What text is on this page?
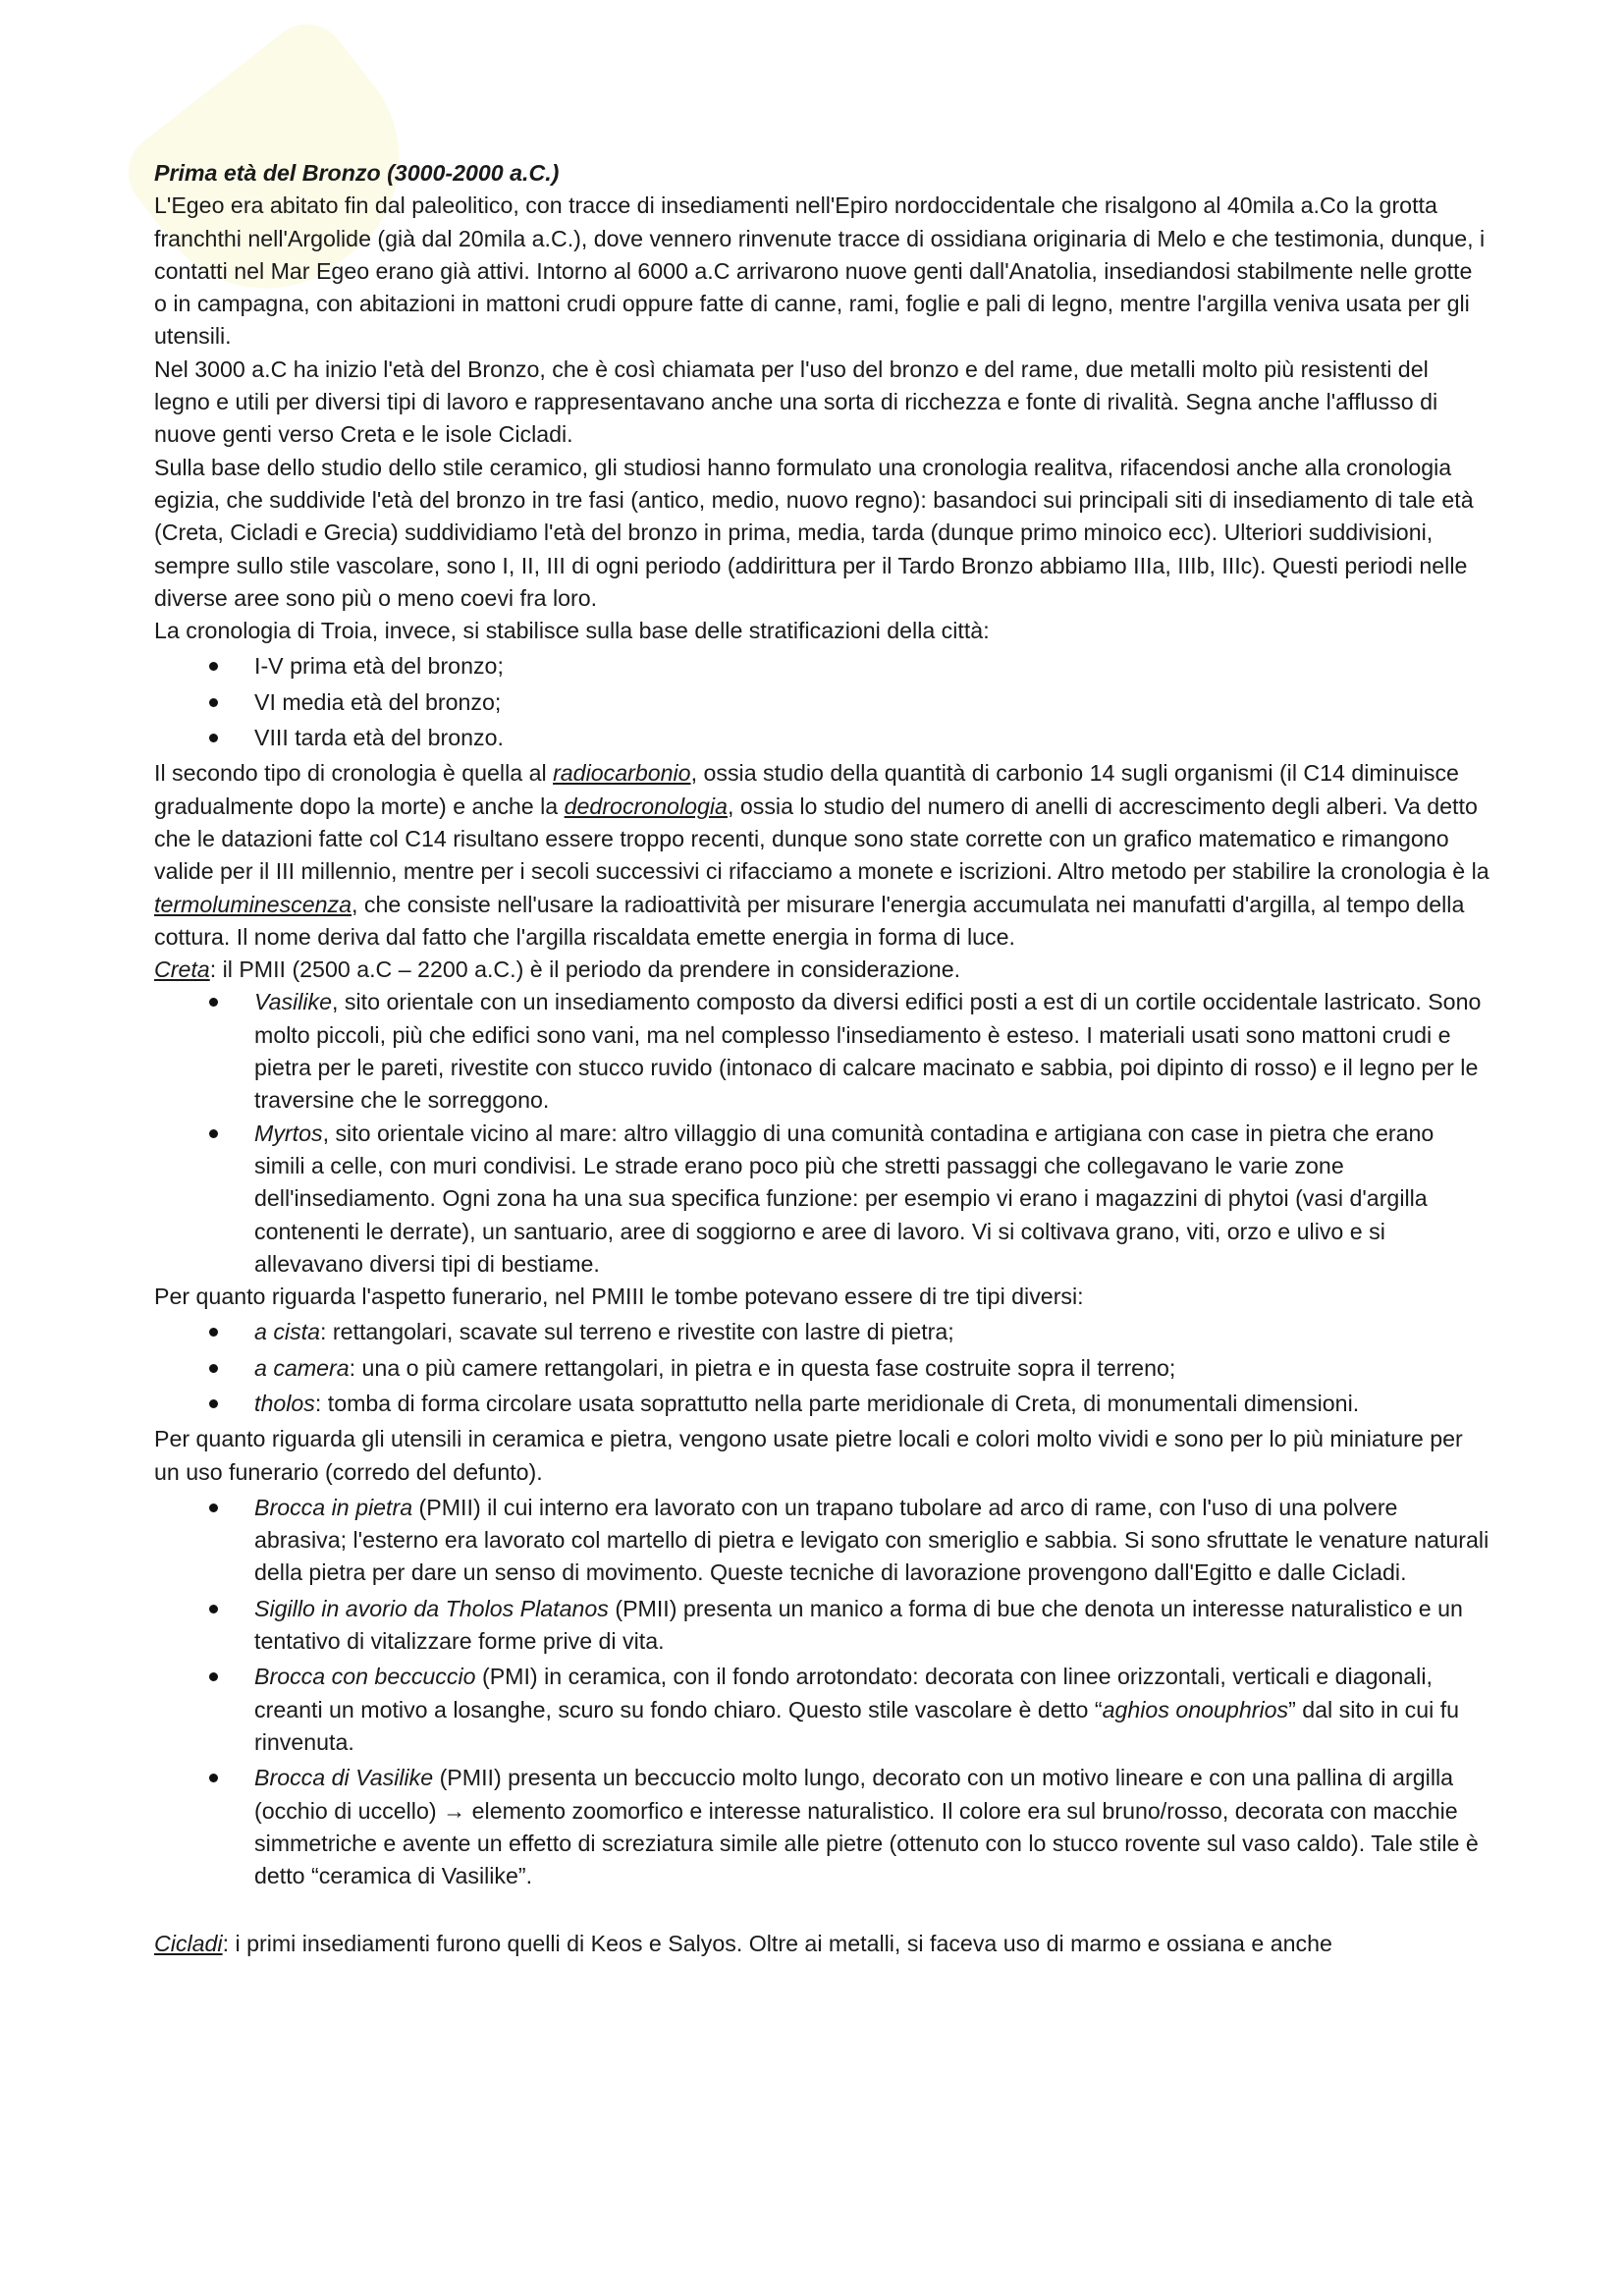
Prima età del Bronzo (3000-2000 a.C.)

L'Egeo era abitato fin dal paleolitico, con tracce di insediamenti nell'Epiro nordoccidentale che risalgono al 40mila a.Co la grotta franchthi nell'Argolide (già dal 20mila a.C.), dove vennero rinvenute tracce di ossidiana originaria di Melo e che testimonia, dunque, i contatti nel Mar Egeo erano già attivi. Intorno al 6000 a.C arrivarono nuove genti dall'Anatolia, insediandosi stabilmente nelle grotte o in campagna, con abitazioni in mattoni crudi oppure fatte di canne, rami, foglie e pali di legno, mentre l'argilla veniva usata per gli utensili.

Nel 3000 a.C ha inizio l'età del Bronzo, che è così chiamata per l'uso del bronzo e del rame, due metalli molto più resistenti del legno e utili per diversi tipi di lavoro e rappresentavano anche una sorta di ricchezza e fonte di rivalità. Segna anche l'afflusso di nuove genti verso Creta e le isole Cicladi.

Sulla base dello studio dello stile ceramico, gli studiosi hanno formulato una cronologia realitva, rifacendosi anche alla cronologia egizia, che suddivide l'età del bronzo in tre fasi (antico, medio, nuovo regno): basandoci sui principali siti di insediamento di tale età (Creta, Cicladi e Grecia) suddividiamo l'età del bronzo in prima, media, tarda (dunque primo minoico ecc). Ulteriori suddivisioni, sempre sullo stile vascolare, sono I, II, III di ogni periodo (addirittura per il Tardo Bronzo abbiamo IIIa, IIIb, IIIc). Questi periodi nelle diverse aree sono più o meno coevi fra loro.

La cronologia di Troia, invece, si stabilisce sulla base delle stratificazioni della città:

I-V prima età del bronzo;
VI media età del bronzo;
VIII tarda età del bronzo.

Il secondo tipo di cronologia è quella al radiocarbonio, ossia studio della quantità di carbonio 14 sugli organismi (il C14 diminuisce gradualmente dopo la morte) e anche la dedrocronologia, ossia lo studio del numero di anelli di accrescimento degli alberi. Va detto che le datazioni fatte col C14 risultano essere troppo recenti, dunque sono state corrette con un grafico matematico e rimangono valide per il III millennio, mentre per i secoli successivi ci rifacciamo a monete e iscrizioni. Altro metodo per stabilire la cronologia è la termoluminescenza, che consiste nell'usare la radioattività per misurare l'energia accumulata nei manufatti d'argilla, al tempo della cottura. Il nome deriva dal fatto che l'argilla riscaldata emette energia in forma di luce.

Creta: il PMII (2500 a.C – 2200 a.C.) è il periodo da prendere in considerazione.

Vasilike, sito orientale con un insediamento composto da diversi edifici posti a est di un cortile occidentale lastricato. Sono molto piccoli, più che edifici sono vani, ma nel complesso l'insediamento è esteso. I materiali usati sono mattoni crudi e pietra per le pareti, rivestite con stucco ruvido (intonaco di calcare macinato e sabbia, poi dipinto di rosso) e il legno per le traversine che le sorreggono.
Myrtos, sito orientale vicino al mare: altro villaggio di una comunità contadina e artigiana con case in pietra che erano simili a celle, con muri condivisi. Le strade erano poco più che stretti passaggi che collegavano le varie zone dell'insediamento. Ogni zona ha una sua specifica funzione: per esempio vi erano i magazzini di phytoi (vasi d'argilla contenenti le derrate), un santuario, aree di soggiorno e aree di lavoro. Vi si coltivava grano, viti, orzo e ulivo e si allevavano diversi tipi di bestiame.

Per quanto riguarda l'aspetto funerario, nel PMIII le tombe potevano essere di tre tipi diversi:

a cista: rettangolari, scavate sul terreno e rivestite con lastre di pietra;
a camera: una o più camere rettangolari, in pietra e in questa fase costruite sopra il terreno;
tholos: tomba di forma circolare usata soprattutto nella parte meridionale di Creta, di monumentali dimensioni.

Per quanto riguarda gli utensili in ceramica e pietra, vengono usate pietre locali e colori molto vividi e sono per lo più miniature per un uso funerario (corredo del defunto).

Brocca in pietra (PMII) il cui interno era lavorato con un trapano tubolare ad arco di rame, con l'uso di una polvere abrasiva; l'esterno era lavorato col martello di pietra e levigato con smeriglio e sabbia. Si sono sfruttate le venature naturali della pietra per dare un senso di movimento. Queste tecniche di lavorazione provengono dall'Egitto e dalle Cicladi.
Sigillo in avorio da Tholos Platanos (PMII) presenta un manico a forma di bue che denota un interesse naturalistico e un tentativo di vitalizzare forme prive di vita.
Brocca con beccuccio (PMI) in ceramica, con il fondo arrotondato: decorata con linee orizzontali, verticali e diagonali, creanti un motivo a losanghe, scuro su fondo chiaro. Questo stile vascolare è detto “aghios onouphrios” dal sito in cui fu rinvenuta.
Brocca di Vasilike (PMII) presenta un beccuccio molto lungo, decorato con un motivo lineare e con una pallina di argilla (occhio di uccello) → elemento zoomorfico e interesse naturalistico. Il colore era sul bruno/rosso, decorata con macchie simmetriche e avente un effetto di screziatura simile alle pietre (ottenuto con lo stucco rovente sul vaso caldo). Tale stile è detto “ceramica di Vasilike”.

Cicladi: i primi insediamenti furono quelli di Keos e Salyos. Oltre ai metalli, si faceva uso di marmo e ossiana e anche
